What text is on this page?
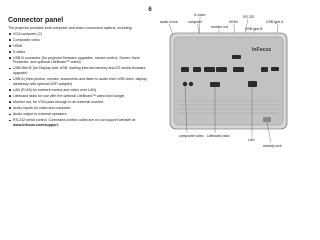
6
Connector panel

The projector provides both computer and video connection options, including:

VGA computer (2)
Composite video
HDMI
S-video
USB B connector (for projector firmware upgrades, mouse control, Screen Save Presenter, and optional LiteBoard™ wand)
USB Mini-B (for Display over USB, loading internal memory and EZ media firmware upgrade)
USB A (View photos, movies, documents and listen to audio from USB drive, display wirelessly with optional WiFi adapter)
LAN (RJ45) for network control and video over LAN)
Liteboard radio for use with the optional LiteBoard™ wand and dongle.
Monitor out, for VGA pass through to an external monitor.
Audio inputs for video and computer.
Audio output to external speakers
RS-232 serial control. Command control codes are on our support website at:
www.infocus.com/support.
S-video
audio in/out	computer
monitor out
HDMI
RS 232
USB type A
USB type B
InFocus
composite video Liteboard radio
LAN
security lock
